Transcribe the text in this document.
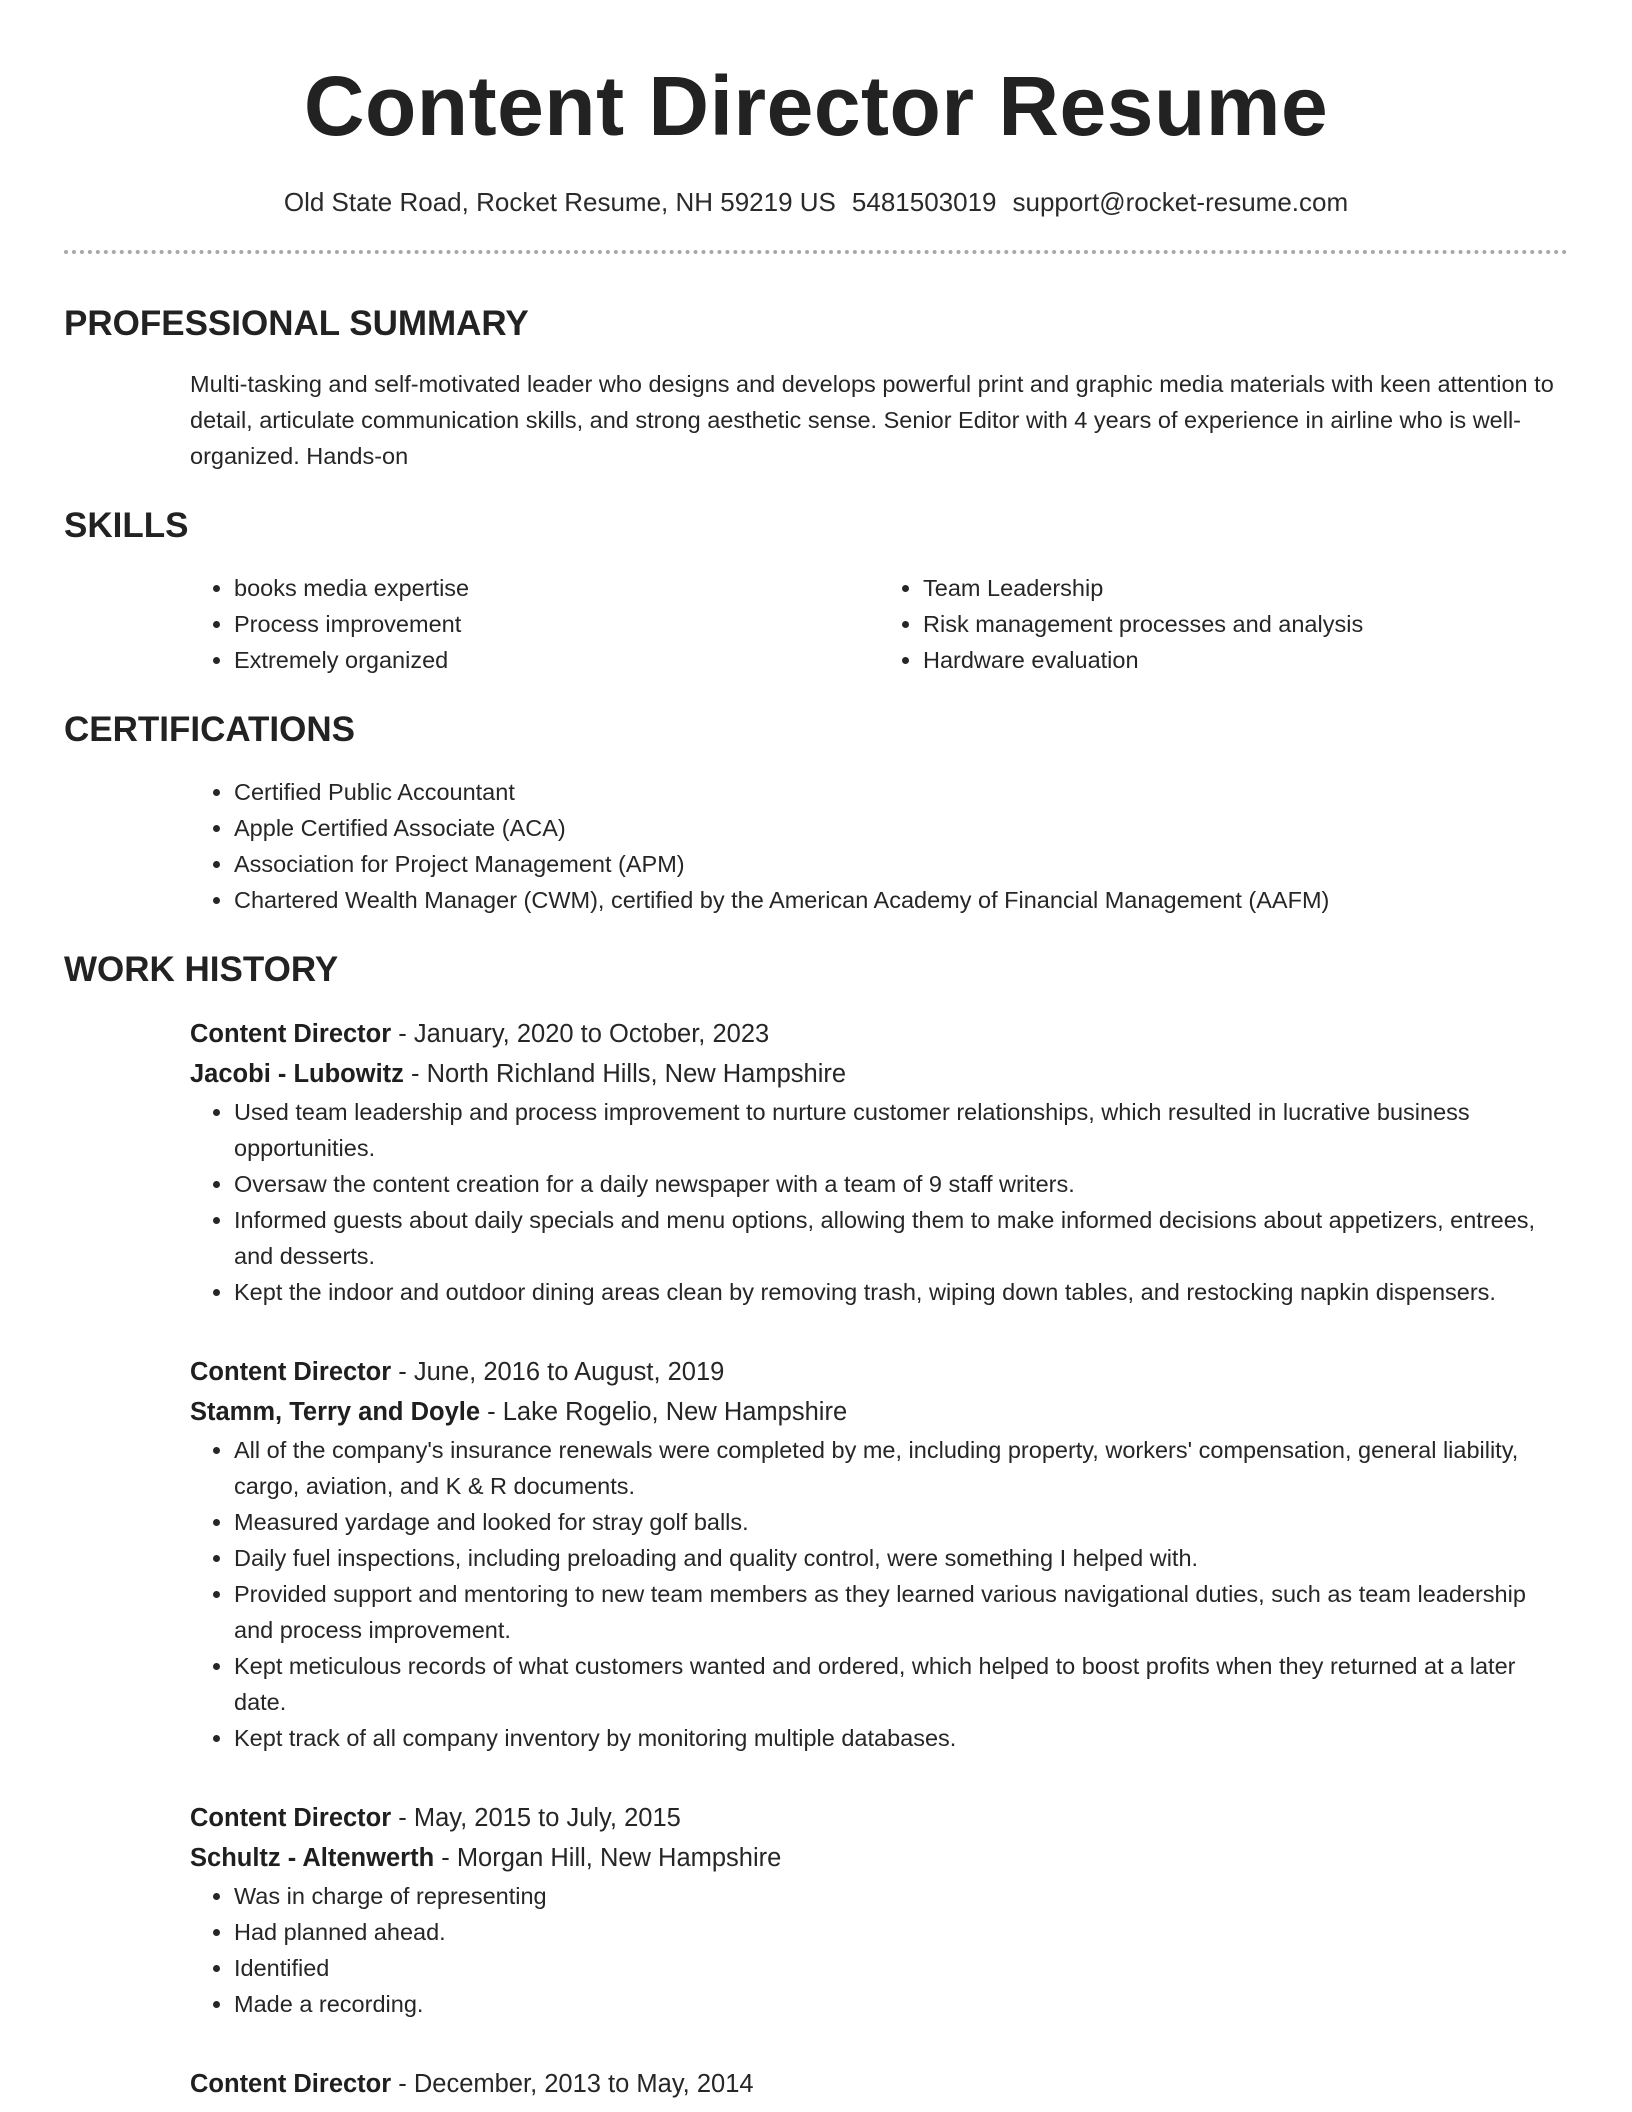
Content Director Resume
Old State Road, Rocket Resume, NH 59219 US 5481503019 support@rocket-resume.com
PROFESSIONAL SUMMARY
Multi-tasking and self-motivated leader who designs and develops powerful print and graphic media materials with keen attention to detail, articulate communication skills, and strong aesthetic sense. Senior Editor with 4 years of experience in airline who is well-organized. Hands-on
SKILLS
• books media expertise
• Process improvement
• Extremely organized
• Team Leadership
• Risk management processes and analysis
• Hardware evaluation
CERTIFICATIONS
• Certified Public Accountant
• Apple Certified Associate (ACA)
• Association for Project Management (APM)
• Chartered Wealth Manager (CWM), certified by the American Academy of Financial Management (AAFM)
WORK HISTORY
Content Director - January, 2020 to October, 2023
Jacobi - Lubowitz - North Richland Hills, New Hampshire
• Used team leadership and process improvement to nurture customer relationships, which resulted in lucrative business opportunities.
• Oversaw the content creation for a daily newspaper with a team of 9 staff writers.
• Informed guests about daily specials and menu options, allowing them to make informed decisions about appetizers, entrees, and desserts.
• Kept the indoor and outdoor dining areas clean by removing trash, wiping down tables, and restocking napkin dispensers.
Content Director - June, 2016 to August, 2019
Stamm, Terry and Doyle - Lake Rogelio, New Hampshire
• All of the company's insurance renewals were completed by me, including property, workers' compensation, general liability, cargo, aviation, and K & R documents.
• Measured yardage and looked for stray golf balls.
• Daily fuel inspections, including preloading and quality control, were something I helped with.
• Provided support and mentoring to new team members as they learned various navigational duties, such as team leadership and process improvement.
• Kept meticulous records of what customers wanted and ordered, which helped to boost profits when they returned at a later date.
• Kept track of all company inventory by monitoring multiple databases.
Content Director - May, 2015 to July, 2015
Schultz - Altenwerth - Morgan Hill, New Hampshire
• Was in charge of representing
• Had planned ahead.
• Identified
• Made a recording.
Content Director - December, 2013 to May, 2014
